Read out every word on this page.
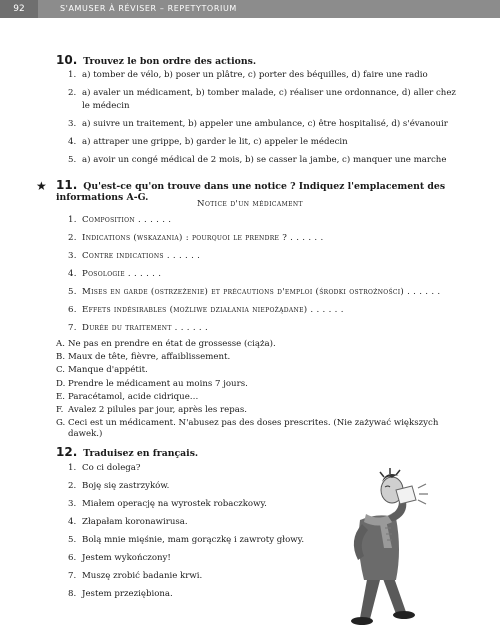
92	S'AMUSER À RÉVISER – REPETYTORIUM
10. Trouvez le bon ordre des actions.
1. a) tomber de vélo, b) poser un plâtre, c) porter des béquilles, d) faire une radio
2. a) avaler un médicament, b) tomber malade, c) réaliser une ordonnance, d) aller chez le médecin
3. a) suivre un traitement, b) appeler une ambulance, c) être hospitalisé, d) s'évanouir
4. a) attraper une grippe, b) garder le lit, c) appeler le médecin
5. a) avoir un congé médical de 2 mois, b) se casser la jambe, c) manquer une marche
★ 11. Qu'est-ce qu'on trouve dans une notice ? Indiquez l'emplacement des informations A-G.
Notice d'un médicament
1. Composition . . . . . .
2. Indications (wskazania) : pourquoi le prendre ? . . . . . .
3. Contre indications . . . . . .
4. Posologie . . . . . .
5. Mises en garde (ostrzeżenie) et précautions d'emploi (środki ostrożności) . . . . . .
6. Effets indésirables (możliwe działania niepożądane) . . . . . .
7. Durée du traitement . . . . . .
A. Ne pas en prendre en état de grossesse (ciąża).
B. Maux de tête, fièvre, affaiblissement.
C. Manque d'appétit.
D. Prendre le médicament au moins 7 jours.
E. Paracétamol, acide cidrique…
F. Avalez 2 pilules par jour, après les repas.
G. Ceci est un médicament. N'abusez pas des doses prescrites. (Nie zażywać większych dawek.)
12. Traduisez en français.
1. Co ci dolega?
2. Boję się zastrzyków.
3. Miałem operację na wyrostek robaczkowy.
4. Złapałam koronawirusa.
5. Bolą mnie mięśnie, mam gorączkę i zawroty głowy.
6. Jestem wykończony!
7. Muszę zrobić badanie krwi.
8. Jestem przeziębiona.
